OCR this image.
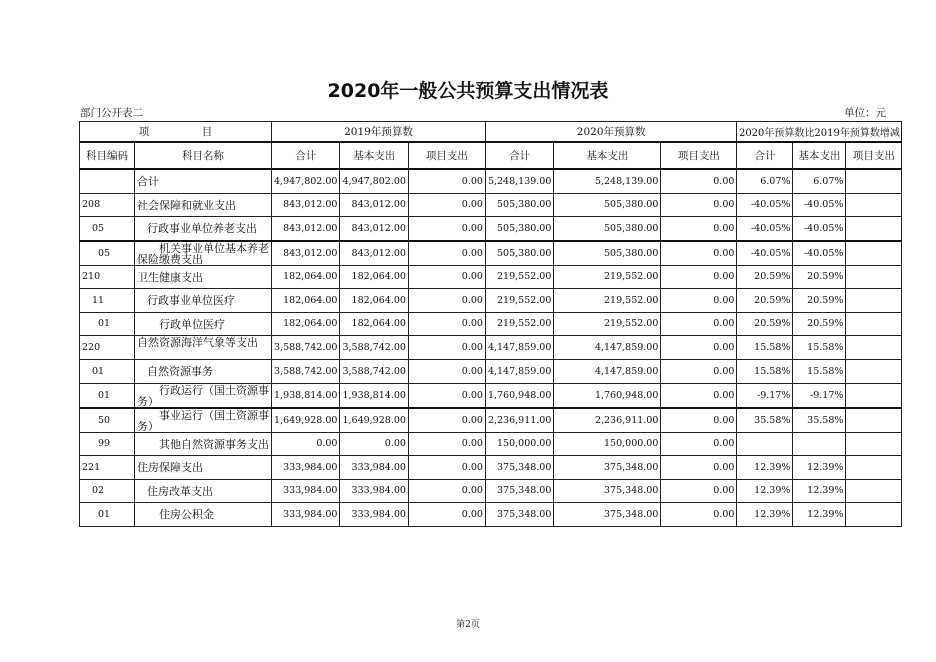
2020年一般公共预算支出情况表
部门公开表二	单位：元
项　　　　　目		2019年预算数			2020年预算数			2020年预算数比2019年预算数增减		
科目编码	科目名称	合计	基本支出	项目支出	合计	基本支出	项目支出	合计	基本支出	项目支出
	合计	4,947,802.00	4,947,802.00	0.00	5,248,139.00	5,248,139.00	0.00	6.07%	6.07%	
208	社会保障和就业支出	843,012.00	843,012.00	0.00	505,380.00	505,380.00	0.00	-40.05%	-40.05%	
05	行政事业单位养老支出	843,012.00	843,012.00	0.00	505,380.00	505,380.00	0.00	-40.05%	-40.05%	
05	机关事业单位基本养老保险缴费支出	843,012.00	843,012.00	0.00	505,380.00	505,380.00	0.00	-40.05%	-40.05%	
210	卫生健康支出	182,064.00	182,064.00	0.00	219,552.00	219,552.00	0.00	20.59%	20.59%	
11	行政事业单位医疗	182,064.00	182,064.00	0.00	219,552.00	219,552.00	0.00	20.59%	20.59%	
01	行政单位医疗	182,064.00	182,064.00	0.00	219,552.00	219,552.00	0.00	20.59%	20.59%	
220	自然资源海洋气象等支出	3,588,742.00	3,588,742.00	0.00	4,147,859.00	4,147,859.00	0.00	15.58%	15.58%	
01	自然资源事务	3,588,742.00	3,588,742.00	0.00	4,147,859.00	4,147,859.00	0.00	15.58%	15.58%	
01	行政运行（国土资源事务）	1,938,814.00	1,938,814.00	0.00	1,760,948.00	1,760,948.00	0.00	-9.17%	-9.17%	
50	事业运行（国土资源事务）	1,649,928.00	1,649,928.00	0.00	2,236,911.00	2,236,911.00	0.00	35.58%	35.58%	
99	其他自然资源事务支出	0.00	0.00	0.00	150,000.00	150,000.00	0.00			
221	住房保障支出	333,984.00	333,984.00	0.00	375,348.00	375,348.00	0.00	12.39%	12.39%	
02	住房改革支出	333,984.00	333,984.00	0.00	375,348.00	375,348.00	0.00	12.39%	12.39%	
01	住房公积金	333,984.00	333,984.00	0.00	375,348.00	375,348.00	0.00	12.39%	12.39%	
第2页
